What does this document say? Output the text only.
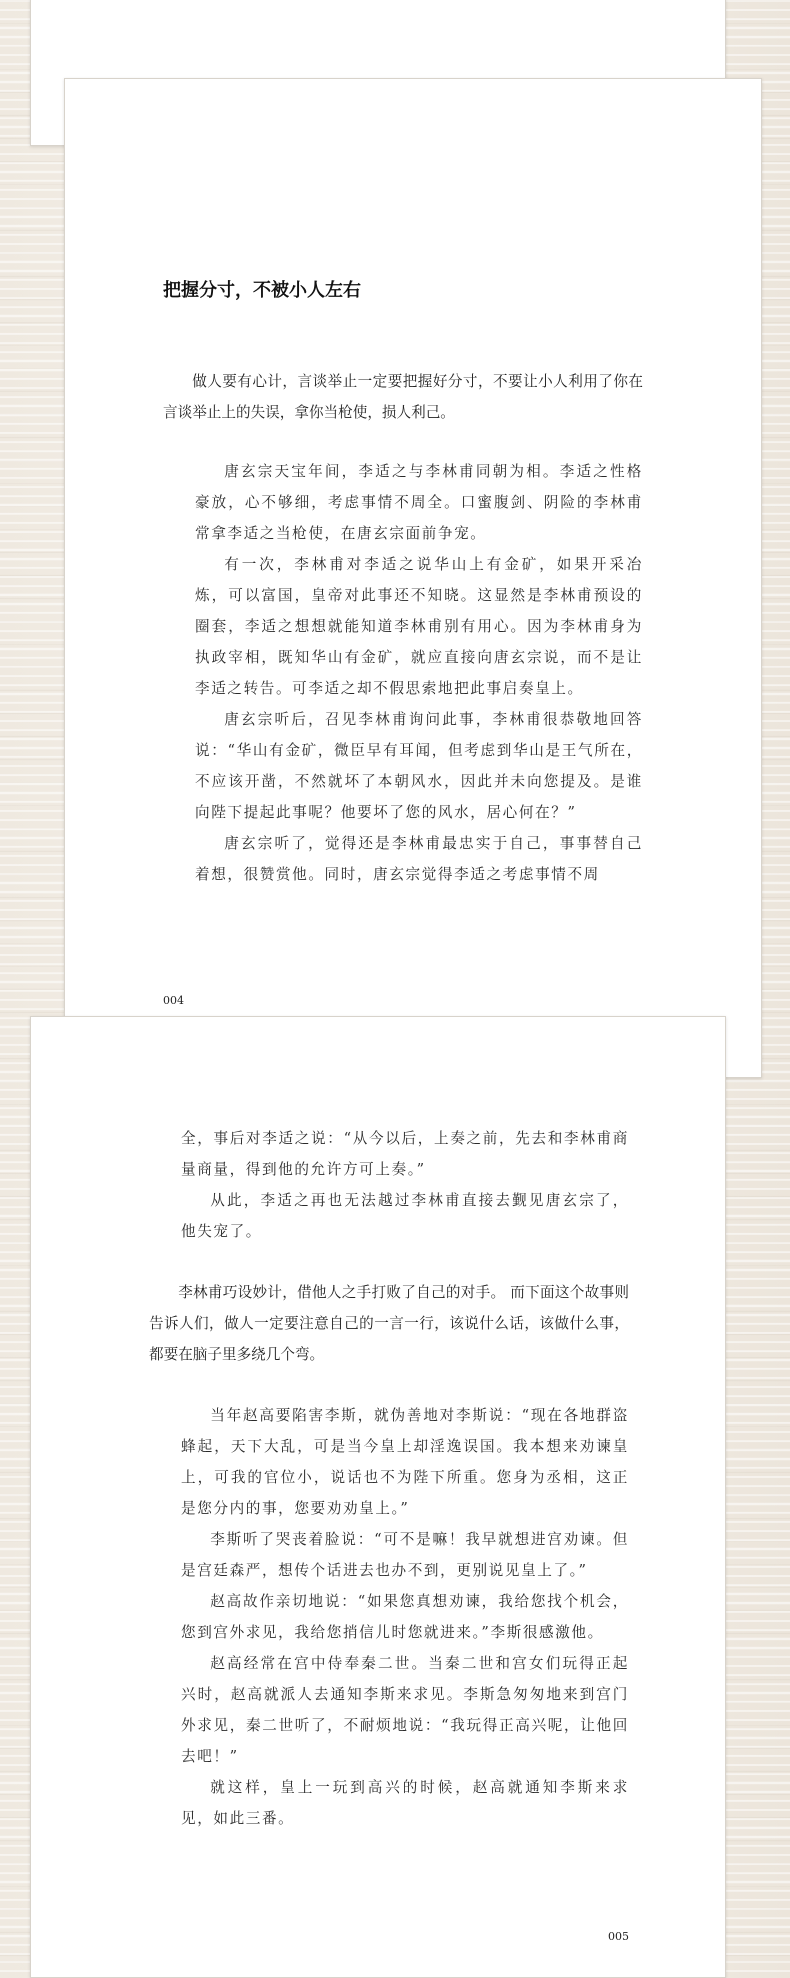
把握分寸，不被小人左右

做人要有心计，言谈举止一定要把握好分寸，不要让小人利用了你在言谈举止上的失误，拿你当枪使，损人利己。

唐玄宗天宝年间，李适之与李林甫同朝为相。李适之性格豪放，心不够细，考虑事情不周全。口蜜腹剑、阴险的李林甫常拿李适之当枪使，在唐玄宗面前争宠。

有一次，李林甫对李适之说华山上有金矿，如果开采冶炼，可以富国，皇帝对此事还不知晓。这显然是李林甫预设的圈套，李适之想想就能知道李林甫别有用心。因为李林甫身为执政宰相，既知华山有金矿，就应直接向唐玄宗说，而不是让李适之转告。可李适之却不假思索地把此事启奏皇上。

唐玄宗听后，召见李林甫询问此事，李林甫很恭敬地回答说：“华山有金矿，微臣早有耳闻，但考虑到华山是王气所在，不应该开凿，不然就坏了本朝风水，因此并未向您提及。是谁向陛下提起此事呢？他要坏了您的风水，居心何在？”

唐玄宗听了，觉得还是李林甫最忠实于自己，事事替自己着想，很赞赏他。同时，唐玄宗觉得李适之考虑事情不周

004

全，事后对李适之说：“从今以后，上奏之前，先去和李林甫商量商量，得到他的允许方可上奏。”

从此，李适之再也无法越过李林甫直接去觐见唐玄宗了，他失宠了。

李林甫巧设妙计，借他人之手打败了自己的对手。 而下面这个故事则告诉人们，做人一定要注意自己的一言一行，该说什么话，该做什么事，都要在脑子里多绕几个弯。

当年赵高要陷害李斯，就伪善地对李斯说：“现在各地群盗蜂起，天下大乱，可是当今皇上却淫逸误国。我本想来劝谏皇上，可我的官位小，说话也不为陛下所重。您身为丞相，这正是您分内的事，您要劝劝皇上。”

李斯听了哭丧着脸说：“可不是嘛！我早就想进宫劝谏。但是宫廷森严，想传个话进去也办不到，更别说见皇上了。”

赵高故作亲切地说：“如果您真想劝谏，我给您找个机会，您到宫外求见，我给您捎信儿时您就进来。”李斯很感激他。

赵高经常在宫中侍奉秦二世。当秦二世和宫女们玩得正起兴时，赵高就派人去通知李斯来求见。李斯急匆匆地来到宫门外求见，秦二世听了，不耐烦地说：“我玩得正高兴呢，让他回去吧！”

就这样，皇上一玩到高兴的时候，赵高就通知李斯来求见，如此三番。

005
